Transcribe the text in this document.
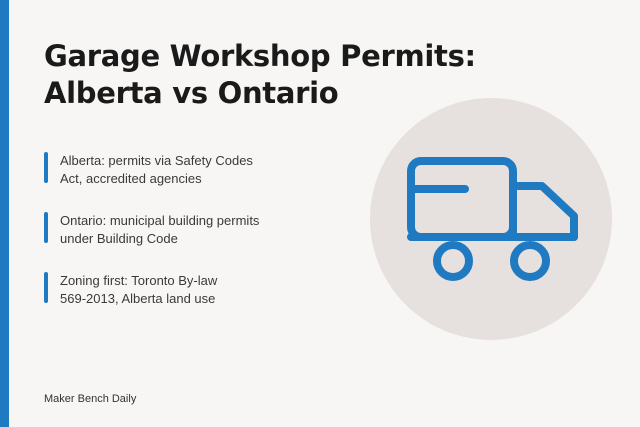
Garage Workshop Permits:
Alberta vs Ontario
Alberta: permits via Safety Codes
Act, accredited agencies
Ontario: municipal building permits
under Building Code
Zoning first: Toronto By-law
569-2013, Alberta land use
Maker Bench Daily
